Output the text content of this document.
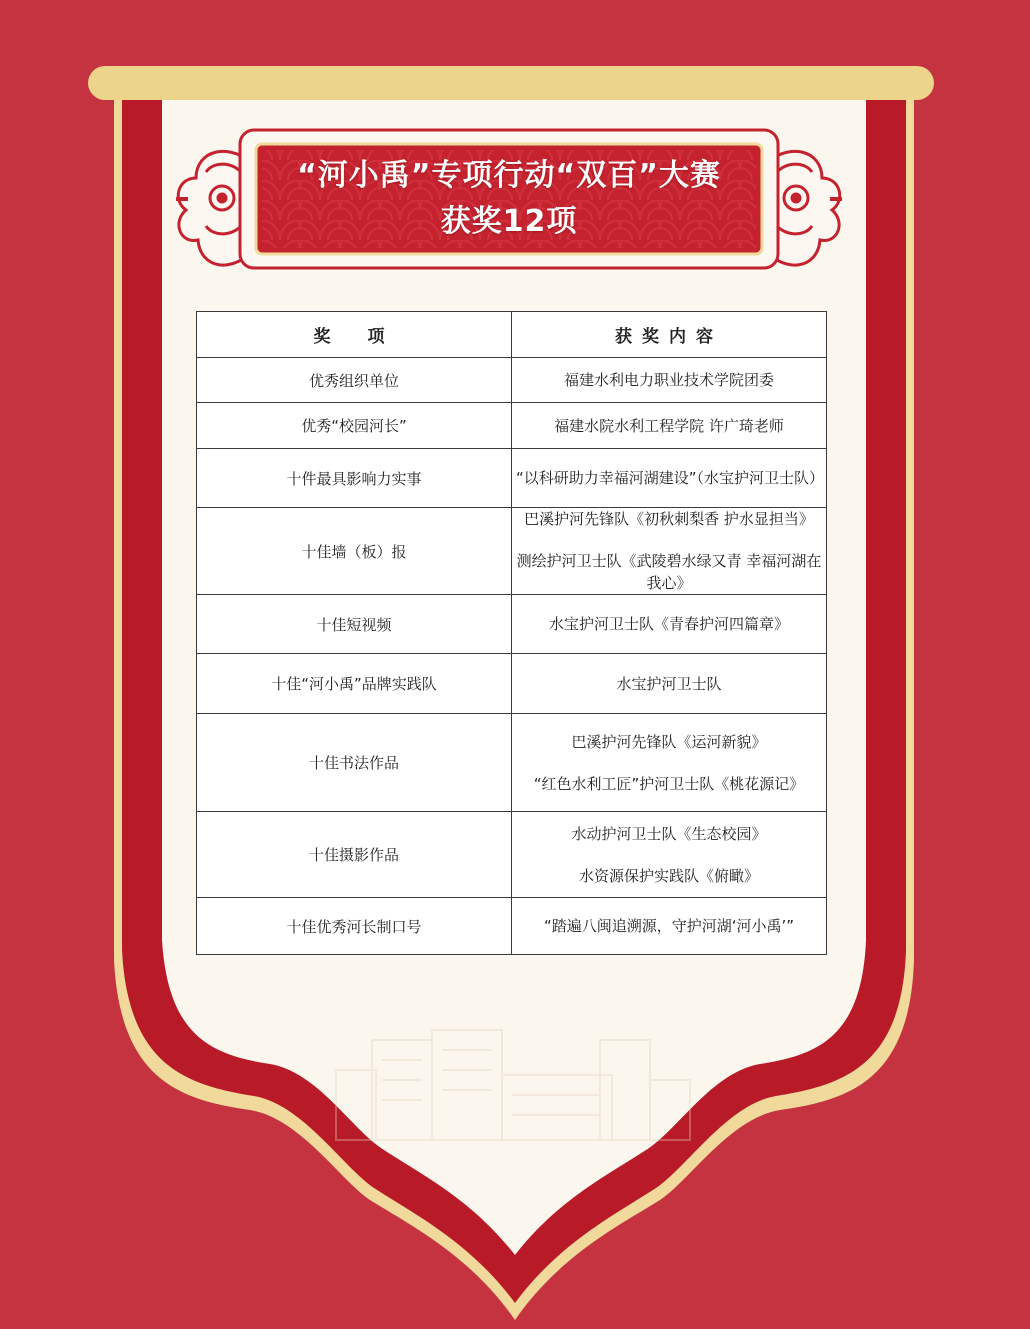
“河小禹”专项行动“双百”大赛
获奖12项
奖　项	获奖内容
优秀组织单位	福建水利电力职业技术学院团委

优秀“校园河长”	福建水院水利工程学院 许广琦老师

十件最具影响力实事	“以科研助力幸福河湖建设”（水宝护河卫士队）

十佳墙（板）报	巴溪护河先锋队《初秋刺梨香 护水显担当》
测绘护河卫士队《武陵碧水绿又青 幸福河湖在我心》

十佳短视频	水宝护河卫士队《青春护河四篇章》

十佳“河小禹”品牌实践队	水宝护河卫士队

十佳书法作品	巴溪护河先锋队《运河新貌》
“红色水利工匠”护河卫士队《桃花源记》

十佳摄影作品	水动护河卫士队《生态校园》
水资源保护实践队《俯瞰》

十佳优秀河长制口号	“踏遍八闽追溯源，守护河湖‘河小禹’”
